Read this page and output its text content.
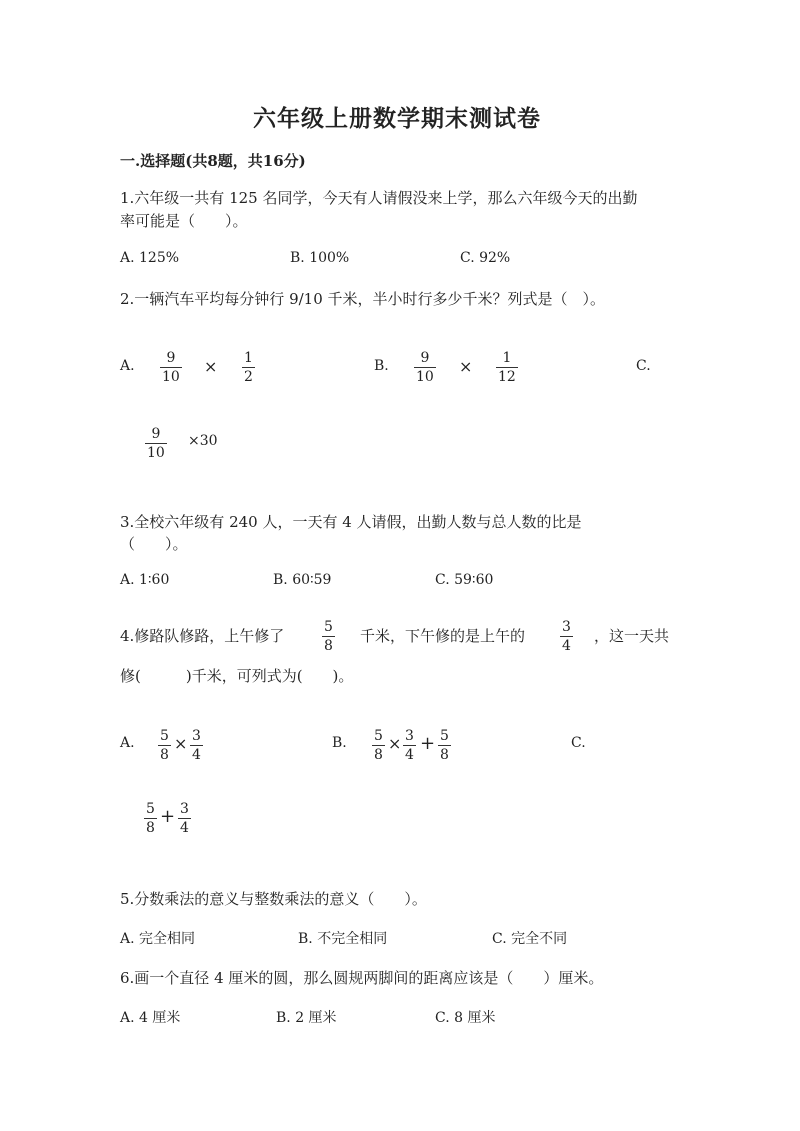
六年级上册数学期末测试卷
一.选择题(共8题，共16分)
1.六年级一共有 125 名同学，今天有人请假没来上学，那么六年级今天的出勤
率可能是（　　）。
A. 125%	B. 100%	C. 92%
2.一辆汽车平均每分钟行 9/10 千米，半小时行多少千米？列式是（　）。
A. 9
10
× 1
2
B. 9
10
× 1
12
C.
9
10
×30
3.全校六年级有 240 人，一天有 4 人请假，出勤人数与总人数的比是
（　　）。
A. 1∶60	B. 60∶59	C. 59∶60
4.修路队修路，上午修了	5
8
千米，下午修的是上午的	3
4
，这一天共
修(　　　)千米，可列式为(　　)。
A. 5
8
× 3
4
B. 5
8
× 3
4
+ 5
8
C.
5
8
+ 3
4
5.分数乘法的意义与整数乘法的意义（　　）。
A. 完全相同	B. 不完全相同	C. 完全不同
6.画一个直径 4 厘米的圆，那么圆规两脚间的距离应该是（　　）厘米。
A. 4 厘米	B. 2 厘米	C. 8 厘米
